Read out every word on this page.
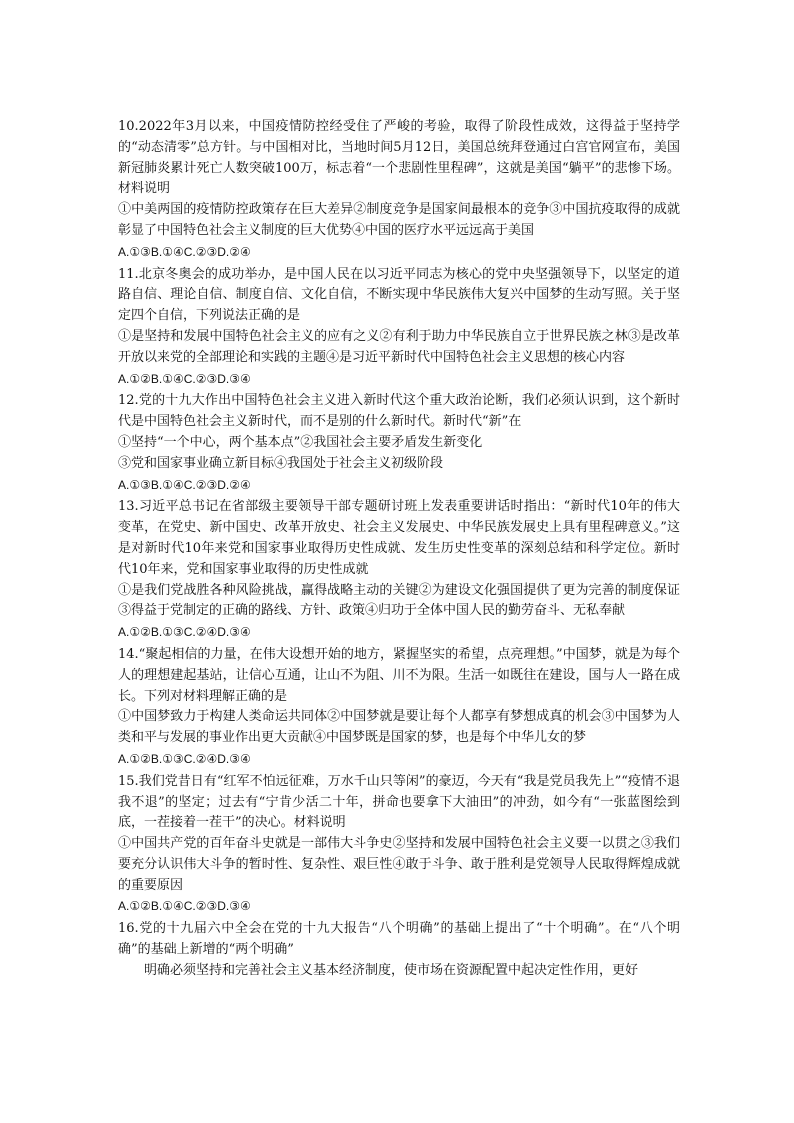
10.2022年3月以来，中国疫情防控经受住了严峻的考验，取得了阶段性成效，这得益于坚持学的“动态清零”总方针。与中国相对比，当地时间5月12日，美国总统拜登通过白宫官网宣布，美国新冠肺炎累计死亡人数突破100万，标志着“一个悲剧性里程碑”，这就是美国“躺平”的悲惨下场。材料说明
①中美两国的疫情防控政策存在巨大差异②制度竞争是国家间最根本的竞争③中国抗疫取得的成就彰显了中国特色社会主义制度的巨大优势④中国的医疗水平远远高于美国
A.①③B.①④C.②③D.②④
11.北京冬奥会的成功举办，是中国人民在以习近平同志为核心的党中央坚强领导下，以坚定的道路自信、理论自信、制度自信、文化自信，不断实现中华民族伟大复兴中国梦的生动写照。关于坚定四个自信，下列说法正确的是
①是坚持和发展中国特色社会主义的应有之义②有利于助力中华民族自立于世界民族之林③是改革开放以来党的全部理论和实践的主题④是习近平新时代中国特色社会主义思想的核心内容
A.①②B.①④C.②③D.③④
12.党的十九大作出中国特色社会主义进入新时代这个重大政治论断，我们必须认识到，这个新时代是中国特色社会主义新时代，而不是别的什么新时代。新时代“新”在
①坚持“一个中心，两个基本点”②我国社会主要矛盾发生新变化
③党和国家事业确立新目标④我国处于社会主义初级阶段
A.①③B.①④C.②③D.②④
13.习近平总书记在省部级主要领导干部专题研讨班上发表重要讲话时指出：“新时代10年的伟大变革，在党史、新中国史、改革开放史、社会主义发展史、中华民族发展史上具有里程碑意义。”这是对新时代10年来党和国家事业取得历史性成就、发生历史性变革的深刻总结和科学定位。新时代10年来，党和国家事业取得的历史性成就
①是我们党战胜各种风险挑战，赢得战略主动的关键②为建设文化强国提供了更为完善的制度保证③得益于党制定的正确的路线、方针、政策④归功于全体中国人民的勤劳奋斗、无私奉献
A.①②B.①③C.②④D.③④
14.“聚起相信的力量，在伟大设想开始的地方，紧握坚实的希望，点亮理想。”中国梦，就是为每个人的理想建起基站，让信心互通，让山不为阻、川不为限。生活一如既往在建设，国与人一路在成长。下列对材料理解正确的是
①中国梦致力于构建人类命运共同体②中国梦就是要让每个人都享有梦想成真的机会③中国梦为人类和平与发展的事业作出更大贡献④中国梦既是国家的梦，也是每个中华儿女的梦
A.①②B.①③C.②④D.③④
15.我们党昔日有“红军不怕远征难，万水千山只等闲”的豪迈，今天有“我是党员我先上”“疫情不退我不退”的坚定；过去有“宁肯少活二十年，拼命也要拿下大油田”的冲劲，如今有“一张蓝图绘到底，一茬接着一茬干”的决心。材料说明
①中国共产党的百年奋斗史就是一部伟大斗争史②坚持和发展中国特色社会主义要一以贯之③我们要充分认识伟大斗争的暂时性、复杂性、艰巨性④敢于斗争、敢于胜利是党领导人民取得辉煌成就的重要原因
A.①②B.①④C.②③D.③④
16.党的十九届六中全会在党的十九大报告“八个明确”的基础上提出了“十个明确”。在“八个明确”的基础上新增的“两个明确”
明确必须坚持和完善社会主义基本经济制度，使市场在资源配置中起决定性作用，更好
